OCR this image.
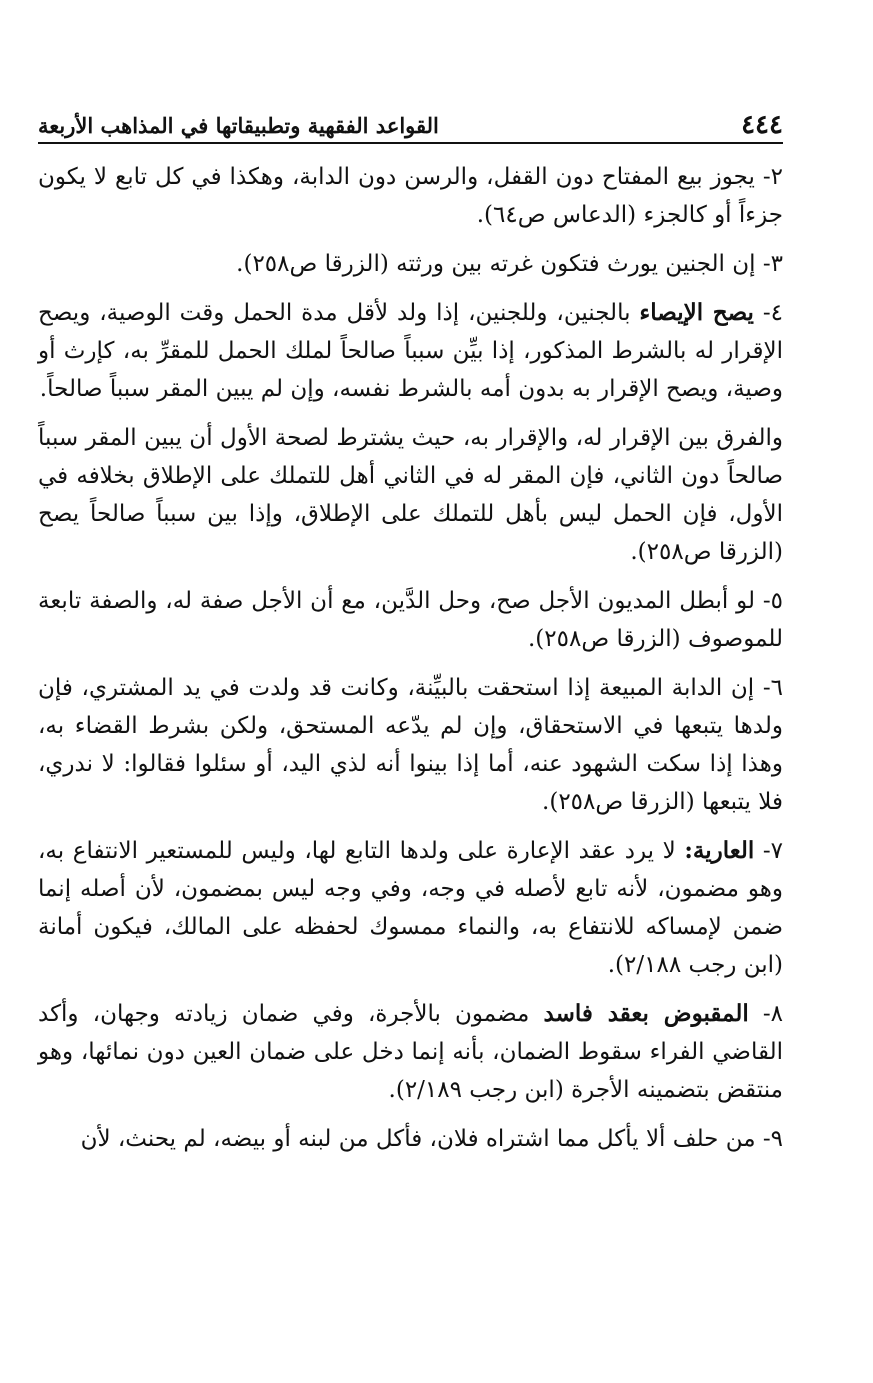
٤٤٤
القواعد الفقهية وتطبيقاتها في المذاهب الأربعة

٢- يجوز بيع المفتاح دون القفل، والرسن دون الدابة، وهكذا في كل تابع لا يكون جزءاً أو كالجزء (الدعاس ص٦٤).

٣- إن الجنين يورث فتكون غرته بين ورثته (الزرقا ص٢٥٨).

٤- يصح الإيصاء بالجنين، وللجنين، إذا ولد لأقل مدة الحمل وقت الوصية، ويصح الإقرار له بالشرط المذكور، إذا بيِّن سبباً صالحاً لملك الحمل للمقرِّ به، كإرث أو وصية، ويصح الإقرار به بدون أمه بالشرط نفسه، وإن لم يبين المقر سبباً صالحاً.

والفرق بين الإقرار له، والإقرار به، حيث يشترط لصحة الأول أن يبين المقر سبباً صالحاً دون الثاني، فإن المقر له في الثاني أهل للتملك على الإطلاق بخلافه في الأول، فإن الحمل ليس بأهل للتملك على الإطلاق، وإذا بين سبباً صالحاً يصح (الزرقا ص٢٥٨).

٥- لو أبطل المديون الأجل صح، وحل الدَّين، مع أن الأجل صفة له، والصفة تابعة للموصوف (الزرقا ص٢٥٨).

٦- إن الدابة المبيعة إذا استحقت بالبيِّنة، وكانت قد ولدت في يد المشتري، فإن ولدها يتبعها في الاستحقاق، وإن لم يدّعه المستحق، ولكن بشرط القضاء به، وهذا إذا سكت الشهود عنه، أما إذا بينوا أنه لذي اليد، أو سئلوا فقالوا: لا ندري، فلا يتبعها (الزرقا ص٢٥٨).

٧- العارية: لا يرد عقد الإعارة على ولدها التابع لها، وليس للمستعير الانتفاع به، وهو مضمون، لأنه تابع لأصله في وجه، وفي وجه ليس بمضمون، لأن أصله إنما ضمن لإمساكه للانتفاع به، والنماء ممسوك لحفظه على المالك، فيكون أمانة (ابن رجب ٢/١٨٨).

٨- المقبوض بعقد فاسد مضمون بالأجرة، وفي ضمان زيادته وجهان، وأكد القاضي الفراء سقوط الضمان، بأنه إنما دخل على ضمان العين دون نمائها، وهو منتقض بتضمينه الأجرة (ابن رجب ٢/١٨٩).

٩- من حلف ألا يأكل مما اشتراه فلان، فأكل من لبنه أو بيضه، لم يحنث، لأن
